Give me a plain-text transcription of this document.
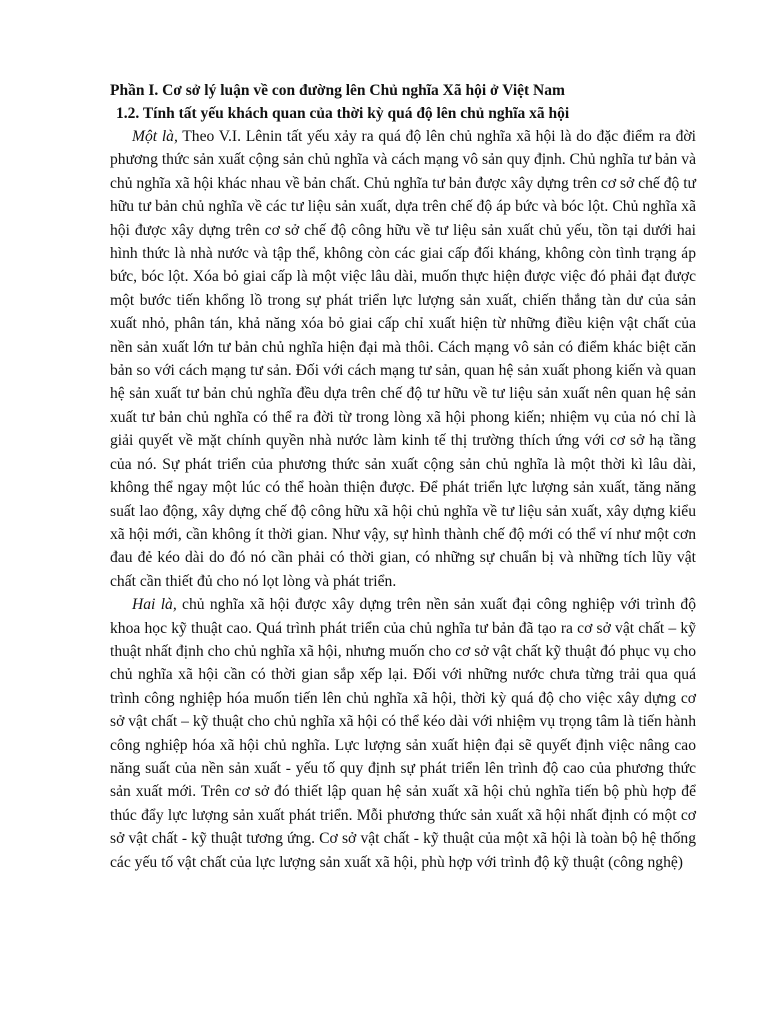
Phần I. Cơ sở lý luận về con đường lên Chủ nghĩa Xã hội ở Việt Nam

1.2. Tính tất yếu khách quan của thời kỳ quá độ lên chủ nghĩa xã hội

Một là, Theo V.I. Lênin tất yếu xảy ra quá độ lên chủ nghĩa xã hội là do đặc điểm ra đời phương thức sản xuất cộng sản chủ nghĩa và cách mạng vô sản quy định. Chủ nghĩa tư bản và chủ nghĩa xã hội khác nhau về bản chất. Chủ nghĩa tư bản được xây dựng trên cơ sở chế độ tư hữu tư bản chủ nghĩa về các tư liệu sản xuất, dựa trên chế độ áp bức và bóc lột. Chủ nghĩa xã hội được xây dựng trên cơ sở chế độ công hữu về tư liệu sản xuất chủ yếu, tồn tại dưới hai hình thức là nhà nước và tập thể, không còn các giai cấp đối kháng, không còn tình trạng áp bức, bóc lột. Xóa bỏ giai cấp là một việc lâu dài, muốn thực hiện được việc đó phải đạt được một bước tiến khổng lồ trong sự phát triển lực lượng sản xuất, chiến thắng tàn dư của sản xuất nhỏ, phân tán, khả năng xóa bỏ giai cấp chỉ xuất hiện từ những điều kiện vật chất của nền sản xuất lớn tư bản chủ nghĩa hiện đại mà thôi. Cách mạng vô sản có điểm khác biệt căn bản so với cách mạng tư sản. Đối với cách mạng tư sản, quan hệ sản xuất phong kiến và quan hệ sản xuất tư bản chủ nghĩa đều dựa trên chế độ tư hữu về tư liệu sản xuất nên quan hệ sản xuất tư bản chủ nghĩa có thể ra đời từ trong lòng xã hội phong kiến; nhiệm vụ của nó chỉ là giải quyết về mặt chính quyền nhà nước làm kinh tế thị trường thích ứng với cơ sở hạ tầng của nó. Sự phát triển của phương thức sản xuất cộng sản chủ nghĩa là một thời kì lâu dài, không thể ngay một lúc có thể hoàn thiện được. Để phát triển lực lượng sản xuất, tăng năng suất lao động, xây dựng chế độ công hữu xã hội chủ nghĩa về tư liệu sản xuất, xây dựng kiểu xã hội mới, cần không ít thời gian. Như vậy, sự hình thành chế độ mới có thể ví như một cơn đau đẻ kéo dài do đó nó cần phải có thời gian, có những sự chuẩn bị và những tích lũy vật chất cần thiết đủ cho nó lọt lòng và phát triển.

Hai là, chủ nghĩa xã hội được xây dựng trên nền sản xuất đại công nghiệp với trình độ khoa học kỹ thuật cao. Quá trình phát triển của chủ nghĩa tư bản đã tạo ra cơ sở vật chất – kỹ thuật nhất định cho chủ nghĩa xã hội, nhưng muốn cho cơ sở vật chất kỹ thuật đó phục vụ cho chủ nghĩa xã hội cần có thời gian sắp xếp lại. Đối với những nước chưa từng trải qua quá trình công nghiệp hóa muốn tiến lên chủ nghĩa xã hội, thời kỳ quá độ cho việc xây dựng cơ sở vật chất – kỹ thuật cho chủ nghĩa xã hội có thể kéo dài với nhiệm vụ trọng tâm là tiến hành công nghiệp hóa xã hội chủ nghĩa. Lực lượng sản xuất hiện đại sẽ quyết định việc nâng cao năng suất của nền sản xuất - yếu tố quy định sự phát triển lên trình độ cao của phương thức sản xuất mới. Trên cơ sở đó thiết lập quan hệ sản xuất xã hội chủ nghĩa tiến bộ phù hợp để thúc đẩy lực lượng sản xuất phát triển. Mỗi phương thức sản xuất xã hội nhất định có một cơ sở vật chất - kỹ thuật tương ứng. Cơ sở vật chất - kỹ thuật của một xã hội là toàn bộ hệ thống các yếu tố vật chất của lực lượng sản xuất xã hội, phù hợp với trình độ kỹ thuật (công nghệ)
